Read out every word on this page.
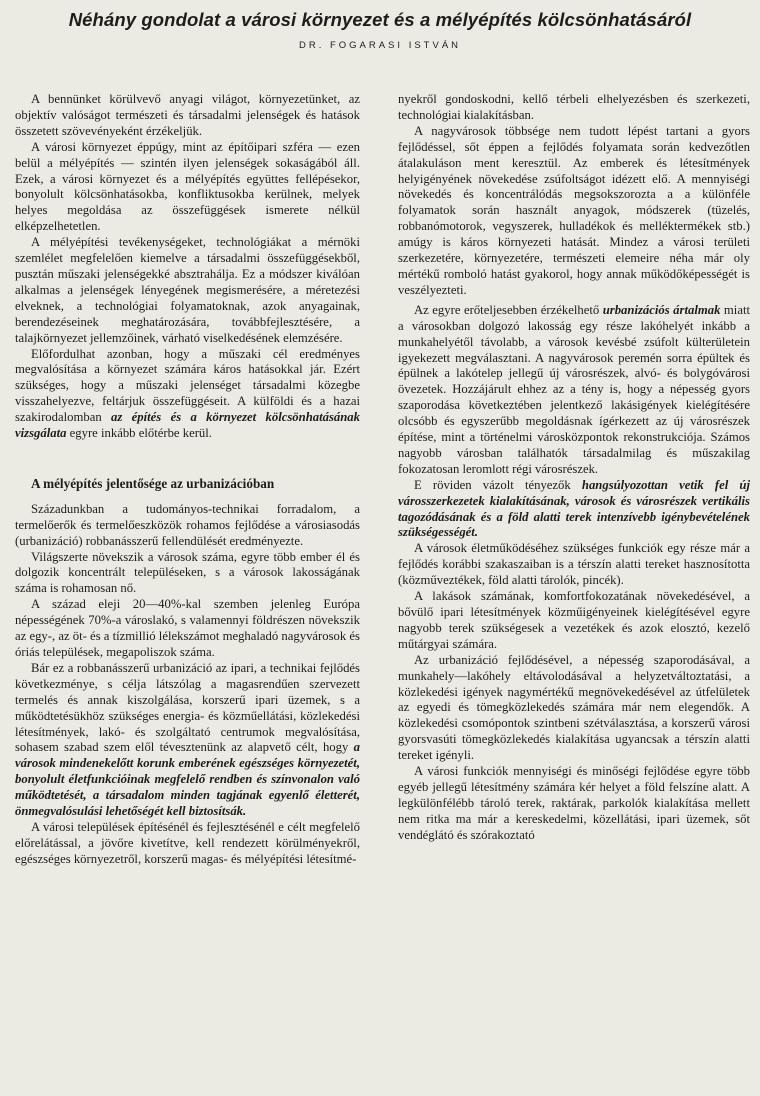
Néhány gondolat a városi környezet és a mélyépítés kölcsönhatásáról
DR. FOGARASI ISTVÁN

A bennünket körülvevő anyagi világot, környezetünket, az objektív valóságot természeti és társadalmi jelenségek és hatások összetett szövevényeként érzékeljük.

A városi környezet éppúgy, mint az építőipari szféra — ezen belül a mélyépítés — szintén ilyen jelenségek sokaságából áll. Ezek, a városi környezet és a mélyépítés együttes fellépésekor, bonyolult kölcsönhatásokba, konfliktusokba kerülnek, melyek helyes megoldása az összefüggések ismerete nélkül elképzelhetetlen.

A mélyépítési tevékenységeket, technológiákat a mérnöki szemlélet megfelelően kiemelve a társadalmi összefüggésekből, pusztán műszaki jelenségekké absztrahálja. Ez a módszer kiválóan alkalmas a jelenségek lényegének megismerésére, a méretezési elveknek, a technológiai folyamatoknak, azok anyagainak, berendezéseinek meghatározására, továbbfejlesztésére, a talajkörnyezet jellemzőinek, várható viselkedésének elemzésére.

Előfordulhat azonban, hogy a műszaki cél eredményes megvalósítása a környezet számára káros hatásokkal jár. Ezért szükséges, hogy a műszaki jelenséget társadalmi közegbe visszahelyezve, feltárjuk összefüggéseit. A külföldi és a hazai szakirodalomban az építés és a környezet kölcsönhatásának vizsgálata egyre inkább előtérbe kerül.

A mélyépítés jelentősége az urbanizációban

Századunkban a tudományos-technikai forradalom, a termelőerők és termelőeszközök rohamos fejlődése a városiasodás (urbanizáció) robbanásszerű fellendülését eredményezte.

Világszerte növekszik a városok száma, egyre több ember él és dolgozik koncentrált településeken, s a városok lakosságának száma is rohamosan nő.

A század eleji 20—40%-kal szemben jelenleg Európa népességének 70%-a városlakó, s valamennyi földrészen növekszik az egy-, az öt- és a tízmillió lélekszámot meghaladó nagyvárosok és óriás települések, megapoliszok száma.

Bár ez a robbanásszerű urbanizáció az ipari, a technikai fejlődés következménye, s célja látszólag a magasrendűen szervezett termelés és annak kiszolgálása, korszerű ipari üzemek, s a működtetésükhöz szükséges energia- és közműellátási, közlekedési létesítmények, lakó- és szolgáltató centrumok megvalósítása, sohasem szabad szem elől tévesztenünk az alapvető célt, hogy a városok mindenekelőtt korunk emberének egészséges környezetét, bonyolult életfunkcióinak megfelelő rendben és színvonalon való működtetését, a társadalom minden tagjának egyenlő életterét, önmegvalósulási lehetőségét kell biztosítsák.

A városi települések építésénél és fejlesztésénél e célt megfelelő előrelátással, a jövőre kivetítve, kell rendezett körülményekről, egészséges környezetről, korszerű magas- és mélyépítési létesítmé-

nyekről gondoskodni, kellő térbeli elhelyezésben és szerkezeti, technológiai kialakításban.

A nagyvárosok többsége nem tudott lépést tartani a gyors fejlődéssel, sőt éppen a fejlődés folyamata során kedvezőtlen átalakuláson ment keresztül. Az emberek és létesítmények helyigényének növekedése zsúfoltságot idézett elő. A mennyiségi növekedés és koncentrálódás megsokszorozta a a különféle folyamatok során használt anyagok, módszerek (tüzelés, robbanómotorok, vegyszerek, hulladékok és melléktermékek stb.) amúgy is káros környezeti hatását. Mindez a városi területi szerkezetére, környezetére, természeti elemeire néha már oly mértékű romboló hatást gyakorol, hogy annak működőképességét is veszélyezteti.

Az egyre erőteljesebben érzékelhető urbanizációs ártalmak miatt a városokban dolgozó lakosság egy része lakóhelyét inkább a munkahelyétől távolabb, a városok kevésbé zsúfolt külterületein igyekezett megválasztani. A nagyvárosok peremén sorra épültek és épülnek a lakótelep jellegű új városrészek, alvó- és bolygóvárosi övezetek. Hozzájárult ehhez az a tény is, hogy a népesség gyors szaporodása következtében jelentkező lakásigények kielégítésére olcsóbb és egyszerűbb megoldásnak ígérkezett az új városrészek építése, mint a történelmi városközpontok rekonstrukciója. Számos nagyobb városban találhatók társadalmilag és műszakilag fokozatosan leromlott régi városrészek.

E röviden vázolt tényezők hangsúlyozottan vetik fel új városszerkezetek kialakításának, városok és városrészek vertikális tagozódásának és a föld alatti terek intenzívebb igénybevételének szükségességét.

A városok életműködéséhez szükséges funkciók egy része már a fejlődés korábbi szakaszaiban is a térszín alatti tereket hasznosította (közműveztékek, föld alatti tárolók, pincék).

A lakások számának, komfortfokozatának növekedésével, a bővülő ipari létesítmények közműigényeinek kielégítésével egyre nagyobb terek szükségesek a vezetékek és azok elosztó, kezelő műtárgyai számára.

Az urbanizáció fejlődésével, a népesség szaporodásával, a munkahely—lakóhely eltávolodásával a helyzetváltoztatási, a közlekedési igények nagymértékű megnövekedésével az útfelületek az egyedi és tömegközlekedés számára már nem elegendők. A közlekedési csomópontok szintbeni szétválasztása, a korszerű városi gyorsvasúti tömegközlekedés kialakítása ugyancsak a térszín alatti tereket igényli.

A városi funkciók mennyiségi és minőségi fejlődése egyre több egyéb jellegű létesítmény számára kér helyet a föld felszíne alatt. A legkülönfélébb tároló terek, raktárak, parkolók kialakítása mellett nem ritka ma már a kereskedelmi, közellátási, ipari üzemek, sőt vendéglátó és szórakoztató
